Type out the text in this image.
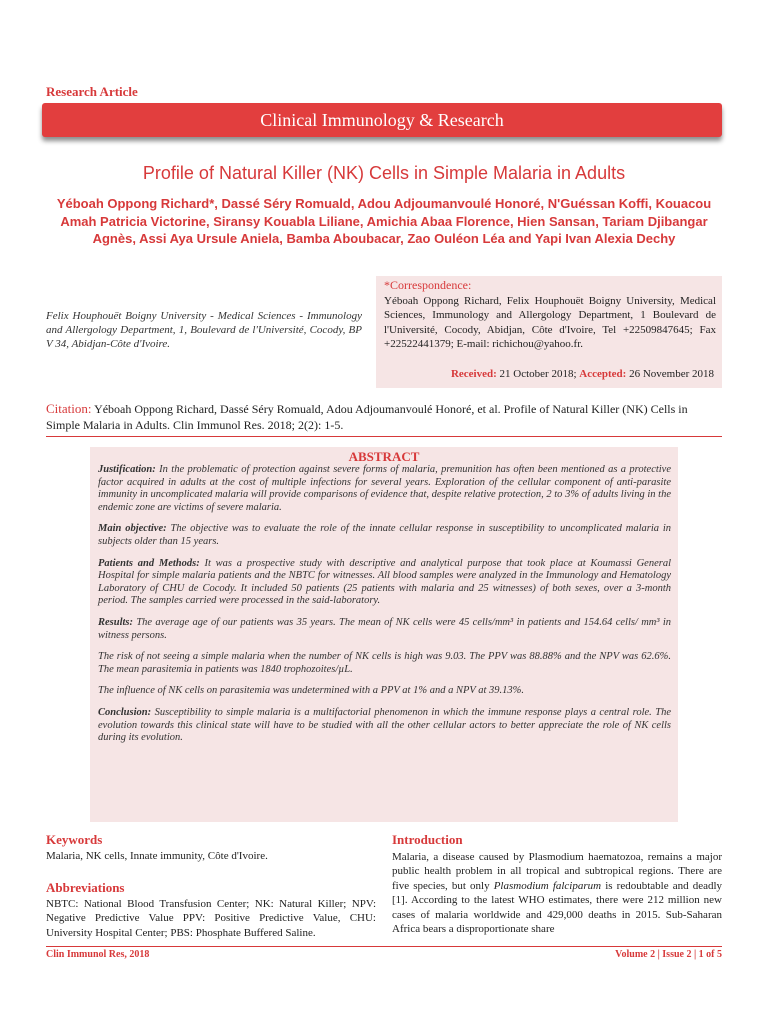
Research Article
Clinical Immunology & Research
Profile of Natural Killer (NK) Cells in Simple Malaria in Adults
Yéboah Oppong Richard*, Dassé Séry Romuald, Adou Adjoumanvoulé Honoré, N'Guéssan Koffi, Kouacou Amah Patricia Victorine, Siransy Kouabla Liliane, Amichia Abaa Florence, Hien Sansan, Tariam Djibangar Agnès, Assi Aya Ursule Aniela, Bamba Aboubacar, Zao Ouléon Léa and Yapi Ivan Alexia Dechy
Felix Houphouët Boigny University - Medical Sciences - Immunology and Allergology Department, 1, Boulevard de l'Université, Cocody, BP V 34, Abidjan-Côte d'Ivoire.
*Correspondence:
Yéboah Oppong Richard, Felix Houphouët Boigny University, Medical Sciences, Immunology and Allergology Department, 1 Boulevard de l'Université, Cocody, Abidjan, Côte d'Ivoire, Tel +22509847645; Fax +22522441379; E-mail: richichou@yahoo.fr.
Received: 21 October 2018; Accepted: 26 November 2018
Citation: Yéboah Oppong Richard, Dassé Séry Romuald, Adou Adjoumanvoulé Honoré, et al. Profile of Natural Killer (NK) Cells in Simple Malaria in Adults. Clin Immunol Res. 2018; 2(2): 1-5.
ABSTRACT

Justification: In the problematic of protection against severe forms of malaria, premunition has often been mentioned as a protective factor acquired in adults at the cost of multiple infections for several years. Exploration of the cellular component of anti-parasite immunity in uncomplicated malaria will provide comparisons of evidence that, despite relative protection, 2 to 3% of adults living in the endemic zone are victims of severe malaria.

Main objective: The objective was to evaluate the role of the innate cellular response in susceptibility to uncomplicated malaria in subjects older than 15 years.

Patients and Methods: It was a prospective study with descriptive and analytical purpose that took place at Koumassi General Hospital for simple malaria patients and the NBTC for witnesses. All blood samples were analyzed in the Immunology and Hematology Laboratory of CHU de Cocody. It included 50 patients (25 patients with malaria and 25 witnesses) of both sexes, over a 3-month period. The samples carried were processed in the said-laboratory.

Results: The average age of our patients was 35 years. The mean of NK cells were 45 cells/mm³ in patients and 154.64 cells/ mm³ in witness persons.

The risk of not seeing a simple malaria when the number of NK cells is high was 9.03. The PPV was 88.88% and the NPV was 62.6%. The mean parasitemia in patients was 1840 trophozoites/µL.

The influence of NK cells on parasitemia was undetermined with a PPV at 1% and a NPV at 39.13%.

Conclusion: Susceptibility to simple malaria is a multifactorial phenomenon in which the immune response plays a central role. The evolution towards this clinical state will have to be studied with all the other cellular actors to better appreciate the role of NK cells during its evolution.

Keywords
Malaria, NK cells, Innate immunity, Côte d'Ivoire.
Abbreviations
NBTC: National Blood Transfusion Center; NK: Natural Killer; NPV: Negative Predictive Value PPV: Positive Predictive Value, CHU: University Hospital Center; PBS: Phosphate Buffered Saline.
Introduction
Malaria, a disease caused by Plasmodium haematozoa, remains a major public health problem in all tropical and subtropical regions. There are five species, but only Plasmodium falciparum is redoubtable and deadly [1]. According to the latest WHO estimates, there were 212 million new cases of malaria worldwide and 429,000 deaths in 2015. Sub-Saharan Africa bears a disproportionate share
Clin Immunol Res, 2018	Volume 2 | Issue 2 | 1 of 5
